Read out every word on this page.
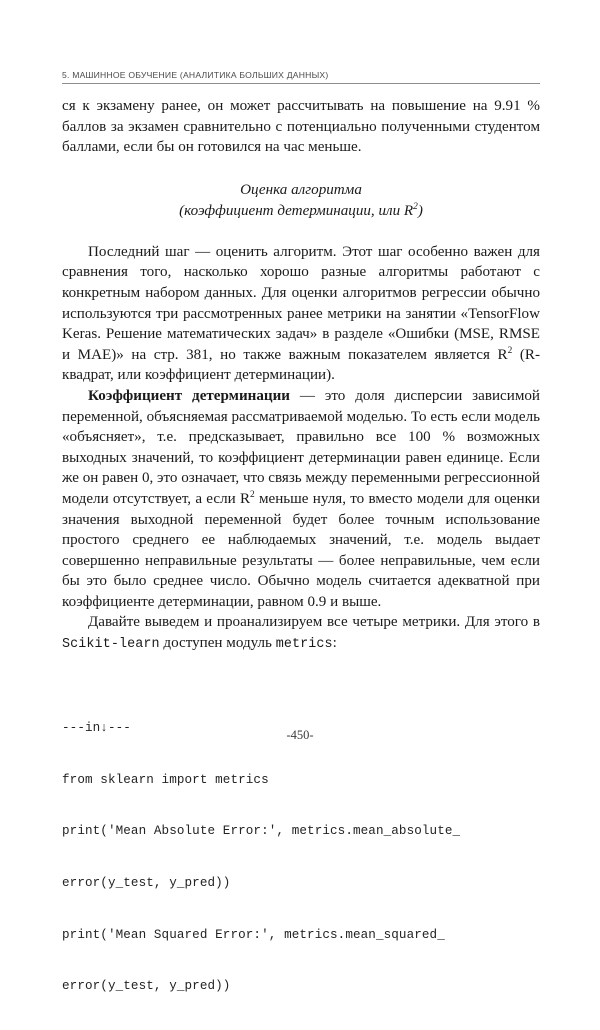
5. МАШИННОЕ ОБУЧЕНИЕ (АНАЛИТИКА БОЛЬШИХ ДАННЫХ)

ся к экзамену ранее, он может рассчитывать на повышение на 9.91 % баллов за экзамен сравнительно с потенциально полученными студентом баллами, если бы он готовился на час меньше.

Оценка алгоритма
(коэффициент детерминации, или $R^2$)

Последний шаг — оценить алгоритм. Этот шаг особенно важен для сравнения того, насколько хорошо разные алгоритмы работают с конкретным набором данных. Для оценки алгоритмов регрессии обычно используются три рассмотренных ранее метрики на занятии «TensorFlow Keras. Решение математических задач» в разделе «Ошибки (MSE, RMSE и MAE)» на стр. 381, но также важным показателем является $R^2$ (R-квадрат, или коэффициент детерминации).

Коэффициент детерминации — это доля дисперсии зависимой переменной, объясняемая рассматриваемой моделью. То есть если модель «объясняет», т.е. предсказывает, правильно все 100 % возможных выходных значений, то коэффициент детерминации равен единице. Если же он равен 0, это означает, что связь между переменными регрессионной модели отсутствует, а если $R^2$ меньше нуля, то вместо модели для оценки значения выходной переменной будет более точным использование простого среднего ее наблюдаемых значений, т.е. модель выдает совершенно неправильные результаты — более неправильные, чем если бы это было среднее число. Обычно модель считается адекватной при коэффициенте детерминации, равном 0.9 и выше.

Давайте выведем и проанализируем все четыре метрики. Для этого в Scikit-learn доступен модуль metrics:

---in↓---

from sklearn import metrics

print('Mean Absolute Error:', metrics.mean_absolute_

error(y_test, y_pred))

print('Mean Squared Error:', metrics.mean_squared_

error(y_test, y_pred))

-450-
